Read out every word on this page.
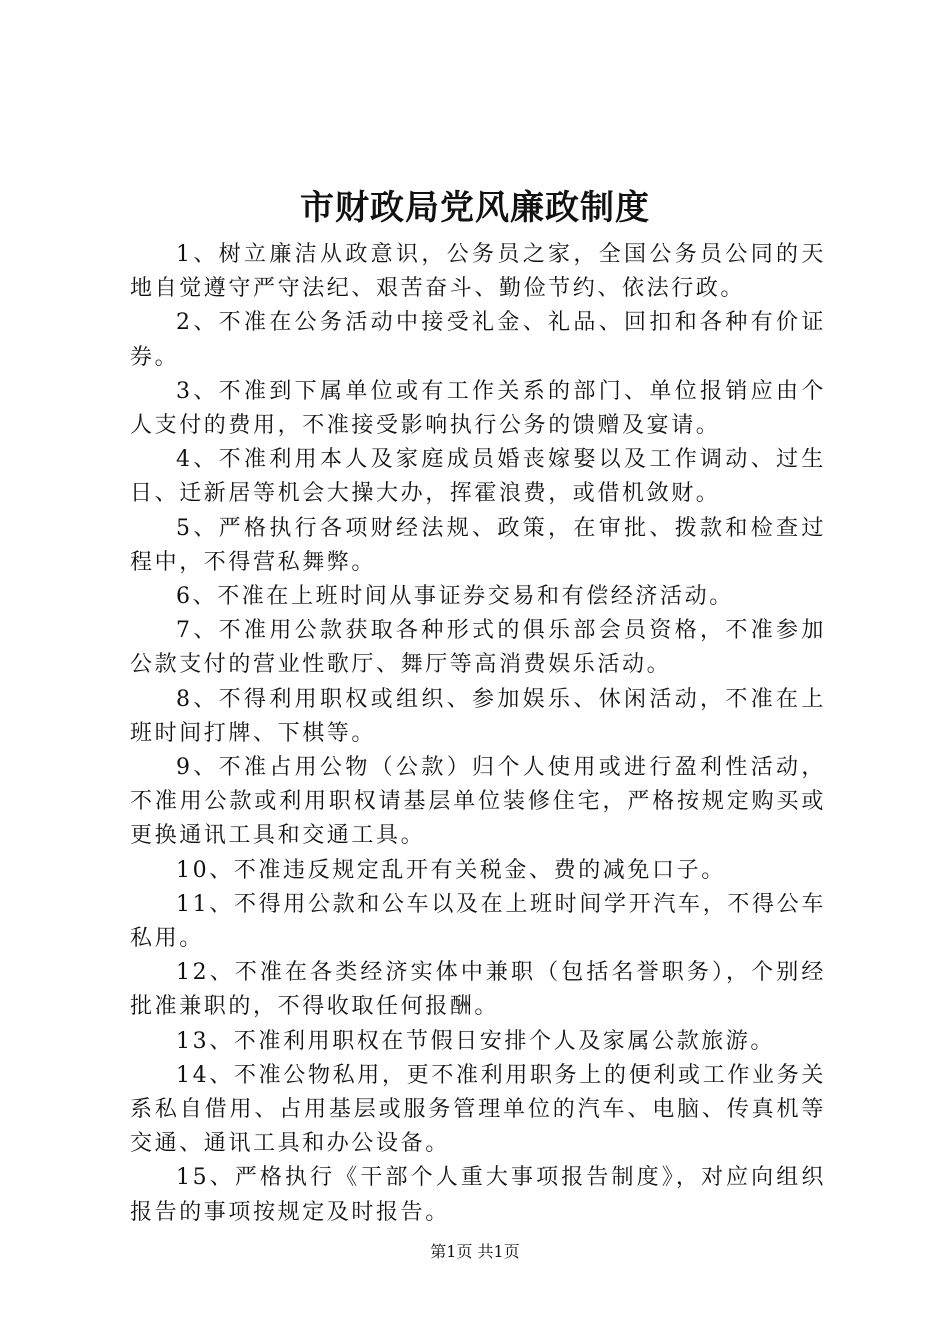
市财政局党风廉政制度

1、树立廉洁从政意识，公务员之家，全国公务员公同的天地自觉遵守严守法纪、艰苦奋斗、勤俭节约、依法行政。

2、不准在公务活动中接受礼金、礼品、回扣和各种有价证券。

3、不准到下属单位或有工作关系的部门、单位报销应由个人支付的费用，不准接受影响执行公务的馈赠及宴请。

4、不准利用本人及家庭成员婚丧嫁娶以及工作调动、过生日、迁新居等机会大操大办，挥霍浪费，或借机敛财。

5、严格执行各项财经法规、政策，在审批、拨款和检查过程中，不得营私舞弊。

6、不准在上班时间从事证券交易和有偿经济活动。

7、不准用公款获取各种形式的俱乐部会员资格，不准参加公款支付的营业性歌厅、舞厅等高消费娱乐活动。

8、不得利用职权或组织、参加娱乐、休闲活动，不准在上班时间打牌、下棋等。

9、不准占用公物（公款）归个人使用或进行盈利性活动，不准用公款或利用职权请基层单位装修住宅，严格按规定购买或更换通讯工具和交通工具。

10、不准违反规定乱开有关税金、费的减免口子。

11、不得用公款和公车以及在上班时间学开汽车，不得公车私用。

12、不准在各类经济实体中兼职（包括名誉职务），个别经批准兼职的，不得收取任何报酬。

13、不准利用职权在节假日安排个人及家属公款旅游。

14、不准公物私用，更不准利用职务上的便利或工作业务关系私自借用、占用基层或服务管理单位的汽车、电脑、传真机等交通、通讯工具和办公设备。

15、严格执行《干部个人重大事项报告制度》，对应向组织报告的事项按规定及时报告。

第1页 共1页
